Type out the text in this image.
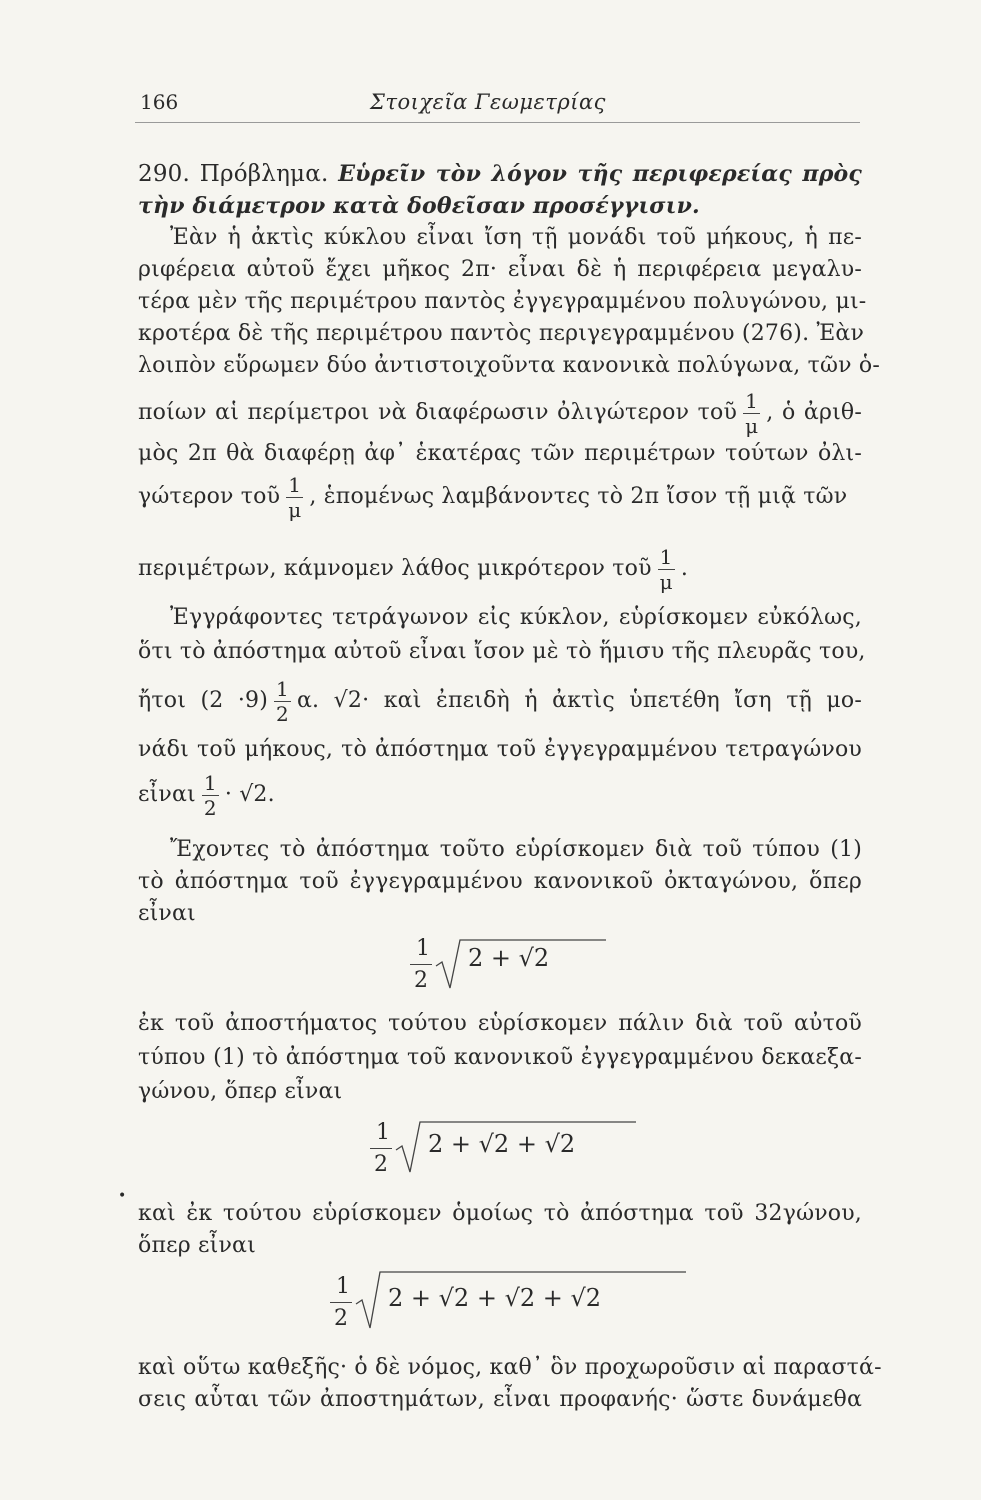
166	Στοιχεῖα Γεωμετρίας
290. Πρόβλημα. Εὑρεῖν τὸν λόγον τῆς περιφερείας πρὸς
τὴν διάμετρον κατὰ δοθεῖσαν προσέγγισιν.
Ἐὰν ἡ ἀκτὶς κύκλου εἶναι ἴση τῇ μονάδι τοῦ μήκους, ἡ πε-
ριφέρεια αὐτοῦ ἔχει μῆκος 2π· εἶναι δὲ ἡ περιφέρεια μεγαλυ-
τέρα μὲν τῆς περιμέτρου παντὸς ἐγγεγραμμένου πολυγώνου, μι-
κροτέρα δὲ τῆς περιμέτρου παντὸς περιγεγραμμένου (276). Ἐὰν
λοιπὸν εὕρωμεν δύο ἀντιστοιχοῦντα κανονικὰ πολύγωνα, τῶν ὁ-
ποίων αἱ περίμετροι νὰ διαφέρωσιν ὀλιγώτερον τοῦ $\frac{1}{\mu}$ , ὁ ἀριθ-
μὸς 2π θὰ διαφέρῃ ἀφ᾽ ἑκατέρας τῶν περιμέτρων τούτων ὀλι-
γώτερον τοῦ $\frac{1}{\mu}$ , ἑπομένως λαμβάνοντες τὸ 2π ἴσον τῇ μιᾷ τῶν
περιμέτρων, κάμνομεν λάθος μικρότερον τοῦ $\frac{1}{\mu}$ .
Ἐγγράφοντες τετράγωνον εἰς κύκλον, εὑρίσκομεν εὐκόλως,
ὅτι τὸ ἀπόστημα αὐτοῦ εἶναι ἴσον μὲ τὸ ἥμισυ τῆς πλευρᾶς του,
ἤτοι $(2 \cdot 9) \frac{1}{2} \alpha$. √2· καὶ ἐπειδὴ ἡ ἀκτὶς ὑπετέθη ἴση τῇ μο-
νάδι τοῦ μήκους, τὸ ἀπόστημα τοῦ ἐγγεγραμμένου τετραγώνου
εἶναι $\frac{1}{2} \cdot √2$.
Ἔχοντες τὸ ἀπόστημα τοῦτο εὑρίσκομεν διὰ τοῦ τύπου (1)
τὸ ἀπόστημα τοῦ ἐγγεγραμμένου κανονικοῦ ὀκταγώνου, ὅπερ
εἶναι
1
2
2 + √2
ἐκ τοῦ ἀποστήματος τούτου εὑρίσκομεν πάλιν διὰ τοῦ αὐτοῦ
τύπου (1) τὸ ἀπόστημα τοῦ κανονικοῦ ἐγγεγραμμένου δεκαεξα-
γώνου, ὅπερ εἶναι
1
2
2 + √2 + √2
•
καὶ ἐκ τούτου εὑρίσκομεν ὁμοίως τὸ ἀπόστημα τοῦ 32γώνου,
ὅπερ εἶναι
1
2
2 + √2 + √2 + √2
καὶ οὕτω καθεξῆς· ὁ δὲ νόμος, καθ᾽ ὃν προχωροῦσιν αἱ παραστά-
σεις αὗται τῶν ἀποστημάτων, εἶναι προφανής· ὥστε δυνάμεθα
